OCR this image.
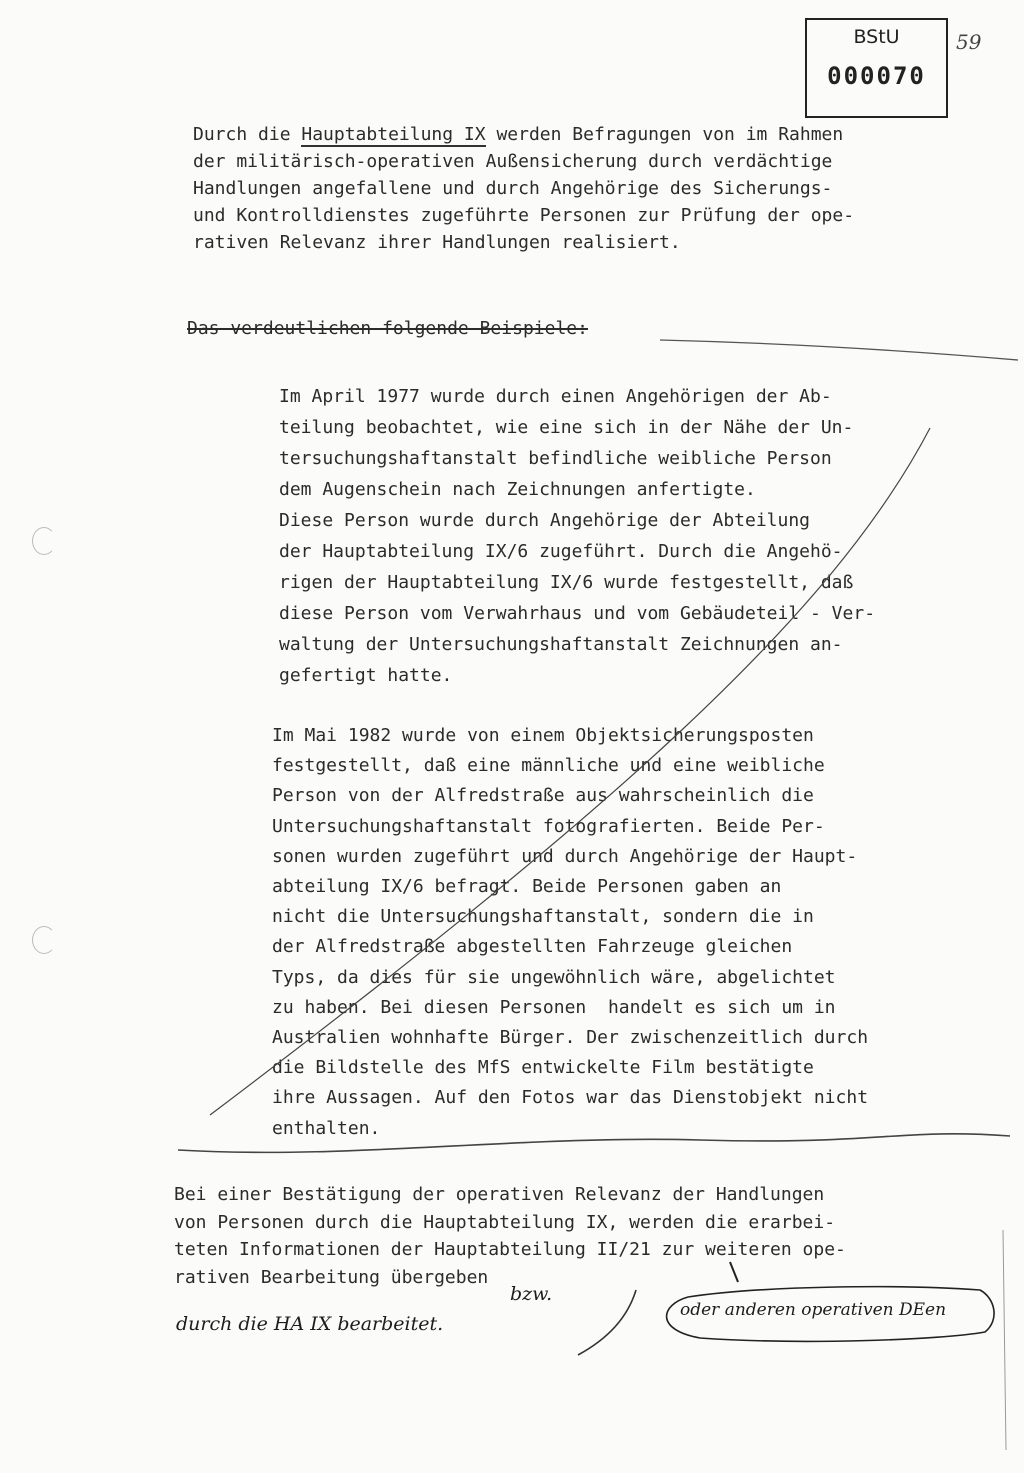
BStU
000070
59
Durch die Hauptabteilung IX werden Befragungen von im Rahmen
der militärisch-operativen Außensicherung durch verdächtige
Handlungen angefallene und durch Angehörige des Sicherungs-
und Kontrolldienstes zugeführte Personen zur Prüfung der ope-
rativen Relevanz ihrer Handlungen realisiert.
Das verdeutlichen folgende Beispiele:
Im April 1977 wurde durch einen Angehörigen der Ab-
teilung beobachtet, wie eine sich in der Nähe der Un-
tersuchungshaftanstalt befindliche weibliche Person
dem Augenschein nach Zeichnungen anfertigte.
Diese Person wurde durch Angehörige der Abteilung
der Hauptabteilung IX/6 zugeführt. Durch die Angehö-
rigen der Hauptabteilung IX/6 wurde festgestellt, daß
diese Person vom Verwahrhaus und vom Gebäudeteil - Ver-
waltung der Untersuchungshaftanstalt Zeichnungen an-
gefertigt hatte.
Im Mai 1982 wurde von einem Objektsicherungsposten
festgestellt, daß eine männliche und eine weibliche
Person von der Alfredstraße aus wahrscheinlich die
Untersuchungshaftanstalt fotografierten. Beide Per-
sonen wurden zugeführt und durch Angehörige der Haupt-
abteilung IX/6 befragt. Beide Personen gaben an
nicht die Untersuchungshaftanstalt, sondern die in
der Alfredstraße abgestellten Fahrzeuge gleichen
Typs, da dies für sie ungewöhnlich wäre, abgelichtet
zu haben. Bei diesen Personen  handelt es sich um in
Australien wohnhafte Bürger. Der zwischenzeitlich durch
die Bildstelle des MfS entwickelte Film bestätigte
ihre Aussagen. Auf den Fotos war das Dienstobjekt nicht
enthalten.
Bei einer Bestätigung der operativen Relevanz der Handlungen
von Personen durch die Hauptabteilung IX, werden die erarbei-
teten Informationen der Hauptabteilung II/21 zur weiteren ope-
rativen Bearbeitung übergeben
bzw.
durch die HA IX bearbeitet.
oder anderen operativen DEen
